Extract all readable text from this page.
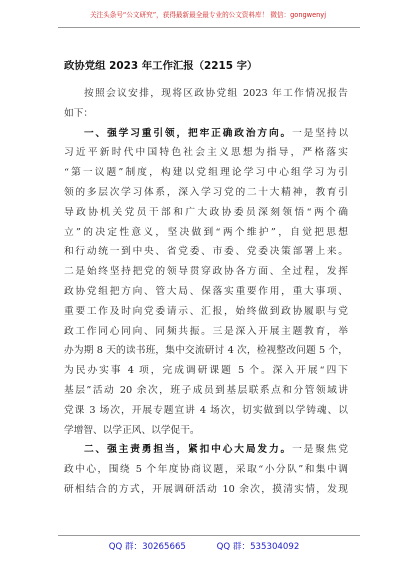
关注头条号“公文研究”，获得最新最全最专业的公文资料库！ 微信：gongwenyj
政协党组 2023 年工作汇报（2215 字）
按照会议安排，现将区政协党组 2023 年工作情况报告
如下：
一、强学习重引领，把牢正确政治方向。一是坚持以
习近平新时代中国特色社会主义思想为指导，严格落实
“第一议题”制度，构建以党组理论学习中心组学习为引
领的多层次学习体系，深入学习党的二十大精神，教育引
导政协机关党员干部和广大政协委员深刻领悟“两个确
立”的决定性意义，坚决做到“两个维护”，自觉把思想
和行动统一到中央、省党委、市委、党委决策部署上来。
二是始终坚持把党的领导贯穿政协各方面、全过程，发挥
政协党组把方向、管大局、保落实重要作用，重大事项、
重要工作及时向党委请示、汇报，始终做到政协履职与党
政工作同心同向、同频共振。三是深入开展主题教育，举
办为期 8 天的读书班，集中交流研讨 4 次，检视整改问题 5 个，
为民办实事 4 项，完成调研课题 5 个。深入开展“四下
基层”活动 20 余次，班子成员到基层联系点和分管领域讲
党课 3 场次，开展专题宣讲 4 场次，切实做到以学铸魂、以
学增智、以学正风、以学促干。
二、强主责勇担当，紧扣中心大局发力。一是聚焦党
政中心，围绕 5 个年度协商议题，采取“小分队”和集中调
研相结合的方式，开展调研活动 10 余次，摸清实情，发现
QQ 群：30265665	QQ 群：535304092
